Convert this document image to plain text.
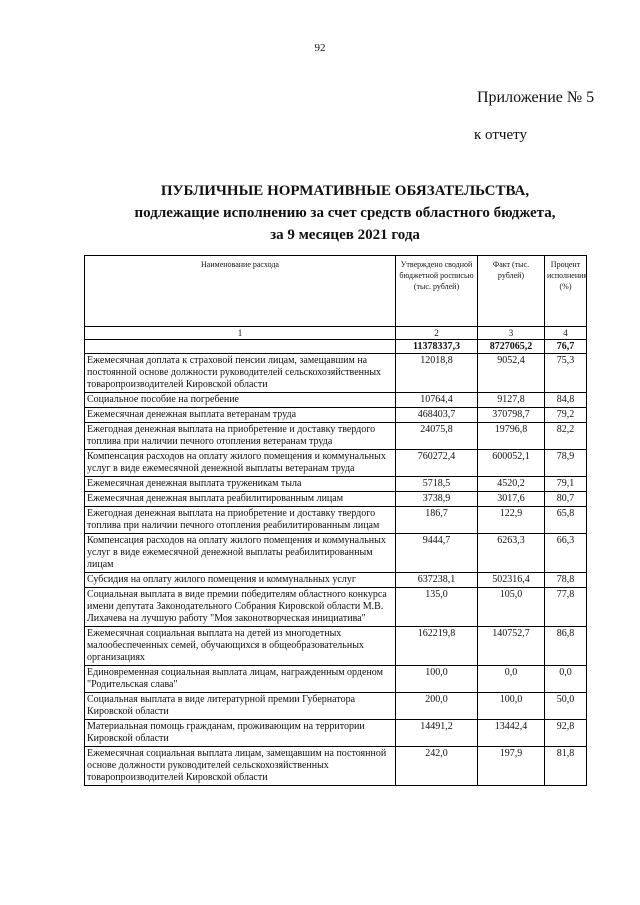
92
Приложение № 5
к отчету
ПУБЛИЧНЫЕ НОРМАТИВНЫЕ ОБЯЗАТЕЛЬСТВА,
подлежащие исполнению за счет средств областного бюджета,
за 9 месяцев 2021 года
Наименование расхода	Утверждено сводной бюджетной росписью (тыс. рублей)	Факт (тыс. рублей)	Процент исполнения (%)
1	2	3	4
	11378337,3	8727065,2	76,7
Ежемесячная доплата к страховой пенсии лицам, замещавшим на постоянной основе должности руководителей сельскохозяйственных товаропроизводителей Кировской области	12018,8	9052,4	75,3
Социальное пособие на погребение	10764,4	9127,8	84,8
Ежемесячная денежная выплата ветеранам труда	468403,7	370798,7	79,2
Ежегодная денежная выплата на приобретение и доставку твердого топлива при наличии печного отопления ветеранам труда	24075,8	19796,8	82,2
Компенсация расходов на оплату жилого помещения и коммунальных услуг в виде ежемесячной денежной выплаты ветеранам труда	760272,4	600052,1	78,9
Ежемесячная денежная выплата труженикам тыла	5718,5	4520,2	79,1
Ежемесячная денежная выплата реабилитированным лицам	3738,9	3017,6	80,7
Ежегодная денежная выплата на приобретение и доставку твердого топлива при наличии печного отопления реабилитированным лицам	186,7	122,9	65,8
Компенсация расходов на оплату жилого помещения и коммунальных услуг в виде ежемесячной денежной выплаты реабилитированным лицам	9444,7	6263,3	66,3
Субсидия на оплату жилого помещения и коммунальных услуг	637238,1	502316,4	78,8
Социальная выплата в виде премии победителям областного конкурса имени депутата Законодательного Собрания Кировской области М.В. Лихачева на лучшую работу "Моя законотворческая инициатива"	135,0	105,0	77,8
Ежемесячная социальная выплата на детей из многодетных малообеспеченных семей, обучающихся в общеобразовательных организациях	162219,8	140752,7	86,8
Единовременная социальная выплата лицам, награжденным орденом "Родительская слава"	100,0	0,0	0,0
Социальная выплата в виде литературной премии Губернатора Кировской области	200,0	100,0	50,0
Материальная помощь гражданам, проживающим на территории Кировской области	14491,2	13442,4	92,8
Ежемесячная социальная выплата лицам, замещавшим на постоянной основе должности руководителей сельскохозяйственных товаропроизводителей Кировской области	242,0	197,9	81,8
